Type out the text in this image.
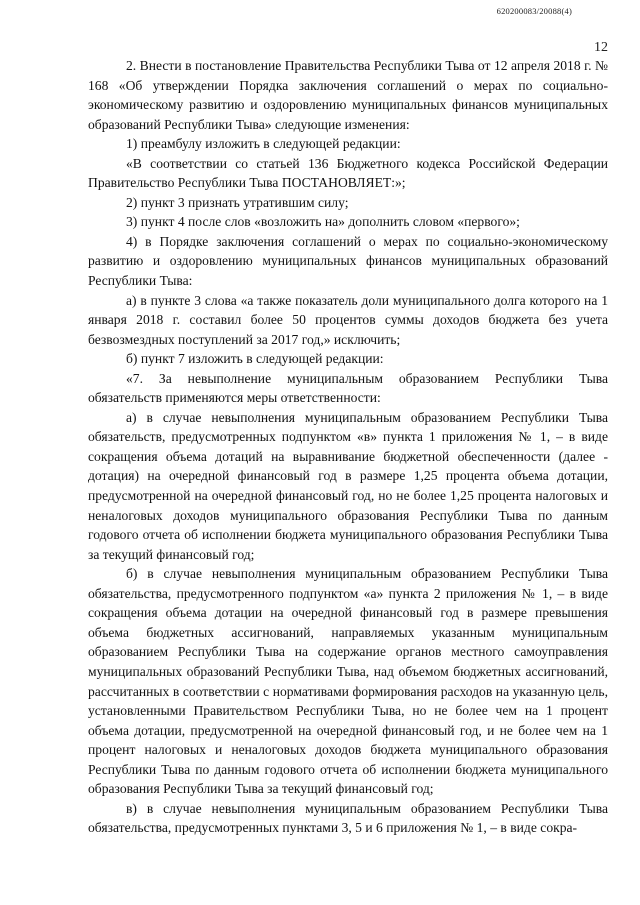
620200083/20088(4)
12

2. Внести в постановление Правительства Республики Тыва от 12 апреля 2018 г. № 168 «Об утверждении Порядка заключения соглашений о мерах по социально-экономическому развитию и оздоровлению муниципальных финансов муниципальных образований Республики Тыва» следующие изменения:

1) преамбулу изложить в следующей редакции:

«В соответствии со статьей 136 Бюджетного кодекса Российской Федерации Правительство Республики Тыва ПОСТАНОВЛЯЕТ:»;

2) пункт 3 признать утратившим силу;

3) пункт 4 после слов «возложить на» дополнить словом «первого»;

4) в Порядке заключения соглашений о мерах по социально-экономическому развитию и оздоровлению муниципальных финансов муниципальных образований Республики Тыва:

а) в пункте 3 слова «а также показатель доли муниципального долга которого на 1 января 2018 г. составил более 50 процентов суммы доходов бюджета без учета безвозмездных поступлений за 2017 год,» исключить;

б) пункт 7 изложить в следующей редакции:

«7. За невыполнение муниципальным образованием Республики Тыва обязательств применяются меры ответственности:

а) в случае невыполнения муниципальным образованием Республики Тыва обязательств, предусмотренных подпунктом «в» пункта 1 приложения № 1, – в виде сокращения объема дотаций на выравнивание бюджетной обеспеченности (далее - дотация) на очередной финансовый год в размере 1,25 процента объема дотации, предусмотренной на очередной финансовый год, но не более 1,25 процента налоговых и неналоговых доходов муниципального образования Республики Тыва по данным годового отчета об исполнении бюджета муниципального образования Республики Тыва за текущий финансовый год;

б) в случае невыполнения муниципальным образованием Республики Тыва обязательства, предусмотренного подпунктом «а» пункта 2 приложения № 1, – в виде сокращения объема дотации на очередной финансовый год в размере превышения объема бюджетных ассигнований, направляемых указанным муниципальным образованием Республики Тыва на содержание органов местного самоуправления муниципальных образований Республики Тыва, над объемом бюджетных ассигнований, рассчитанных в соответствии с нормативами формирования расходов на указанную цель, установленными Правительством Республики Тыва, но не более чем на 1 процент объема дотации, предусмотренной на очередной финансовый год, и не более чем на 1 процент налоговых и неналоговых доходов бюджета муниципального образования Республики Тыва по данным годового отчета об исполнении бюджета муниципального образования Республики Тыва за текущий финансовый год;

в) в случае невыполнения муниципальным образованием Республики Тыва обязательства, предусмотренных пунктами 3, 5 и 6 приложения № 1, – в виде сокра-
